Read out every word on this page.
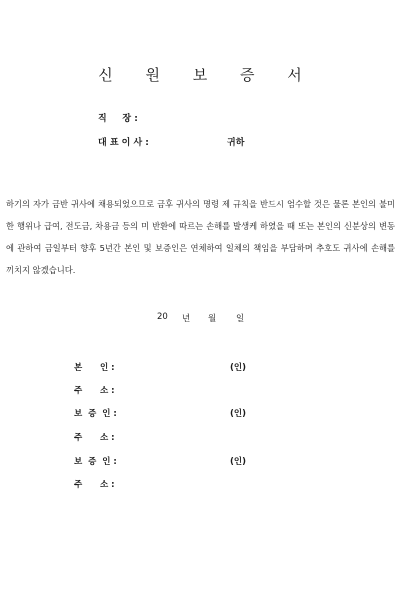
신 원 보 증 서
직     장 :
대 표 이 사 :	귀하
하기의 자가 금반 귀사에 채용되었으므로 금후 귀사의 명령 제 규칙을 반드시 엄수할 것은 물론 본인의 불미한 행위나 급여, 전도금, 차용금 등의 미 반환에 따르는 손해를 발생케 하였을 때 또는 본인의 신분상의 변동에 관하여 금일부터 향후 5년간 본인 및 보증인은 연체하여 일체의 책임을 부담하며 추호도 귀사에 손해를 끼치지 않겠습니다.
20 년 월 일
본      인 :	(인)
주      소 :
보  증  인 :	(인)
주      소 :
보  증  인 :	(인)
주      소 :
